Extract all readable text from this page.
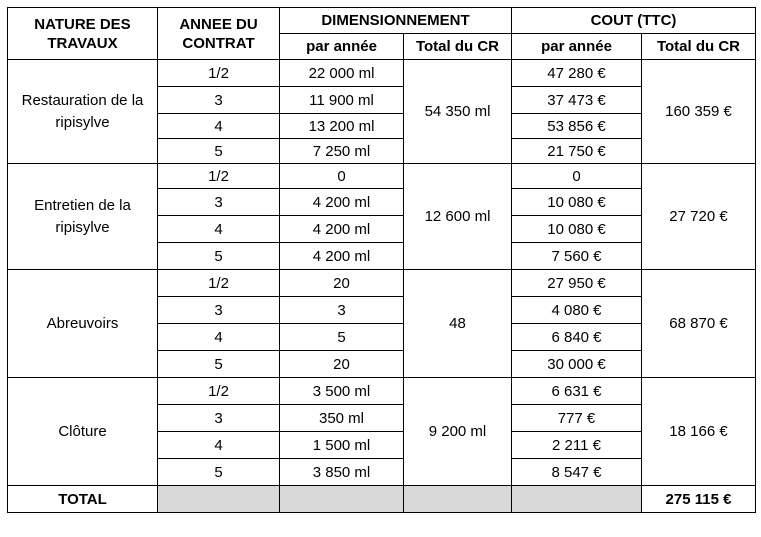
NATURE DES TRAVAUX	ANNEE DU CONTRAT	DIMENSIONNEMENT		COUT (TTC)	
		par année	Total du CR	par année	Total du CR
Restauration de la ripisylve	1/2	22 000 ml	54 350 ml	47 280 €	160 359 €
	3	11 900 ml		37 473 €	
	4	13 200 ml		53 856 €	
	5	7 250 ml		21 750 €	
Entretien de la ripisylve	1/2	0	12 600 ml	0	27 720 €
	3	4 200 ml		10 080 €	
	4	4 200 ml		10 080 €	
	5	4 200 ml		7 560 €	
Abreuvoirs	1/2	20	48	27 950 €	68 870 €
	3	3		4 080 €	
	4	5		6 840 €	
	5	20		30 000 €	
Clôture	1/2	3 500 ml	9 200 ml	6 631 €	18 166 €
	3	350 ml		777 €	
	4	1 500 ml		2 211 €	
	5	3 850 ml		8 547 €	
TOTAL					275 115 €
